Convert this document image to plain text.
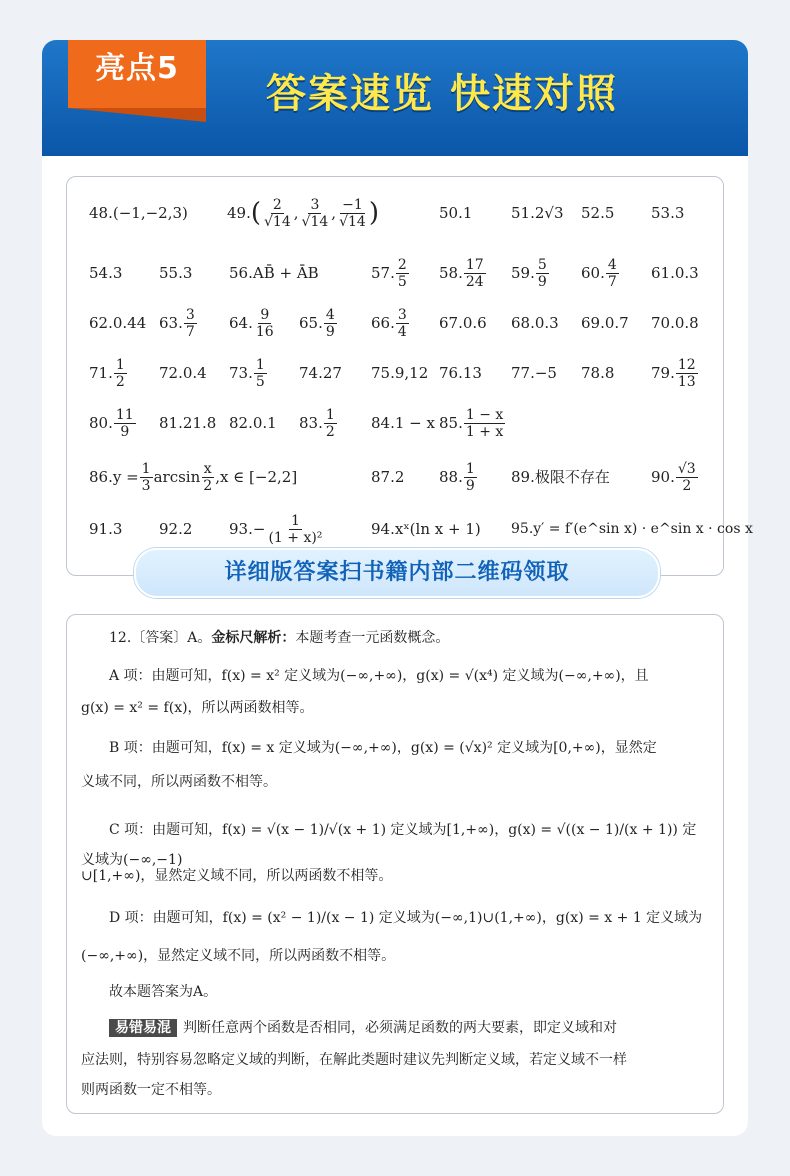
亮点5
答案速览 快速对照
48.(−1,−2,3)	49. ( $\frac{2}{√14}$ , $\frac{3}{√14}$ , $\frac{-1}{√14}$ )	50.1	51.2√3 52.5 53.3
54.3 55.3 56.AB̄ + ĀB	57. $\frac{2}{5} 58$. $\frac{17}{24} 59$. $\frac{5}{9} 60$. $\frac{4}{7} 61.0.3$
62.0.44 63. $\frac{3}{7} 64$. $\frac{9}{16} 65$. $\frac{4}{9} 66$. $\frac{3}{4} 67.0.6$ 68.0.3 69.0.7 70.0.8
71. $\frac{1}{2} 72.0.4$ 73. $\frac{1}{5} 74.27$ 75.9,12 76.13 77.−5 78.8 79. $\frac{12}{13}$
80. $\frac{11}{9} 81.21.8$ 82.0.1 83. $\frac{1}{2} 84.1 - x$ 85. $\frac{1 - x}{1 + x}$
$86.y = \frac{1}{3}$ $\arcsin \frac{x}{2} ,x$ ∈ [−2,2]	87.2 88. $\frac{1}{9} 89$.极限不存在	90. $\frac{√3}{2}$
91.3 92.2 $93.- \frac{1}{\text{(1 + x)²}}$	94.xˣ(ln x + 1) 95.y′ = f′(e^sin x) · e^sin x · cos x
详细版答案扫书籍内部二维码领取
12.〔答案〕A。金标尺解析：本题考查一元函数概念。
A 项：由题可知，f(x) = x² 定义域为(−∞,+∞)，g(x) = √(x⁴) 定义域为(−∞,+∞)，且
g(x) = x² = f(x)，所以两函数相等。
B 项：由题可知，f(x) = x 定义域为(−∞,+∞)，g(x) = (√x)² 定义域为[0,+∞)，显然定
义域不同，所以两函数不相等。
C 项：由题可知，f(x) = √(x − 1)/√(x + 1) 定义域为[1,+∞)，g(x) = √((x − 1)/(x + 1)) 定义域为(−∞,−1)
∪[1,+∞)，显然定义域不同，所以两函数不相等。
D 项：由题可知，f(x) = (x² − 1)/(x − 1) 定义域为(−∞,1)∪(1,+∞)，g(x) = x + 1 定义域为
(−∞,+∞)，显然定义域不同，所以两函数不相等。
故本题答案为A。
易错易混 判断任意两个函数是否相同，必须满足函数的两大要素，即定义域和对
应法则，特别容易忽略定义域的判断，在解此类题时建议先判断定义域，若定义域不一样
则两函数一定不相等。
